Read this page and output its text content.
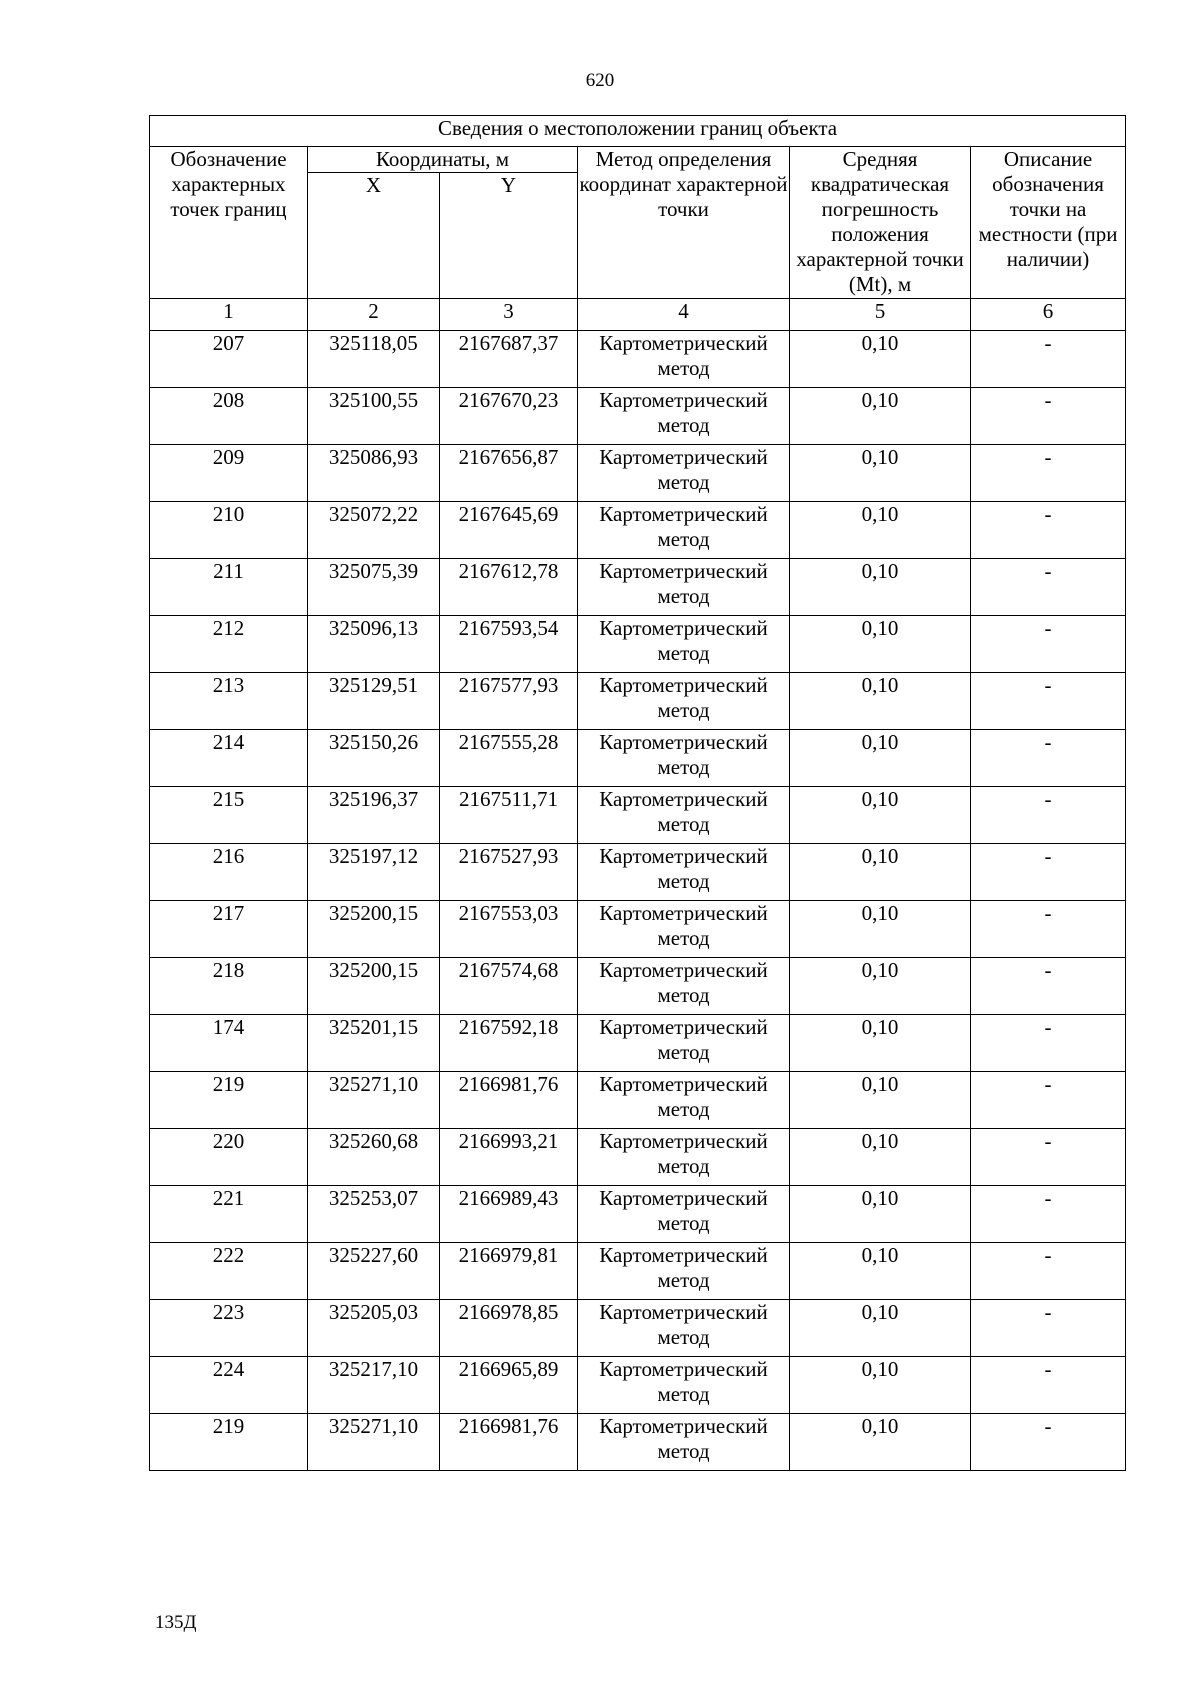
620
Сведения о местоположении границ объекта					
Обозначение характерных точек границ	Координаты, м		Метод определения координат характерной точки	Средняя квадратическая погрешность положения характерной точки (Mt), м	Описание обозначения точки на местности (при наличии)
	X	Y			
1	2	3	4	5	6
207	325118,05	2167687,37	Картометрический метод	0,10	-
208	325100,55	2167670,23	Картометрический метод	0,10	-
209	325086,93	2167656,87	Картометрический метод	0,10	-
210	325072,22	2167645,69	Картометрический метод	0,10	-
211	325075,39	2167612,78	Картометрический метод	0,10	-
212	325096,13	2167593,54	Картометрический метод	0,10	-
213	325129,51	2167577,93	Картометрический метод	0,10	-
214	325150,26	2167555,28	Картометрический метод	0,10	-
215	325196,37	2167511,71	Картометрический метод	0,10	-
216	325197,12	2167527,93	Картометрический метод	0,10	-
217	325200,15	2167553,03	Картометрический метод	0,10	-
218	325200,15	2167574,68	Картометрический метод	0,10	-
174	325201,15	2167592,18	Картометрический метод	0,10	-
219	325271,10	2166981,76	Картометрический метод	0,10	-
220	325260,68	2166993,21	Картометрический метод	0,10	-
221	325253,07	2166989,43	Картометрический метод	0,10	-
222	325227,60	2166979,81	Картометрический метод	0,10	-
223	325205,03	2166978,85	Картометрический метод	0,10	-
224	325217,10	2166965,89	Картометрический метод	0,10	-
219	325271,10	2166981,76	Картометрический метод	0,10	-
135Д
